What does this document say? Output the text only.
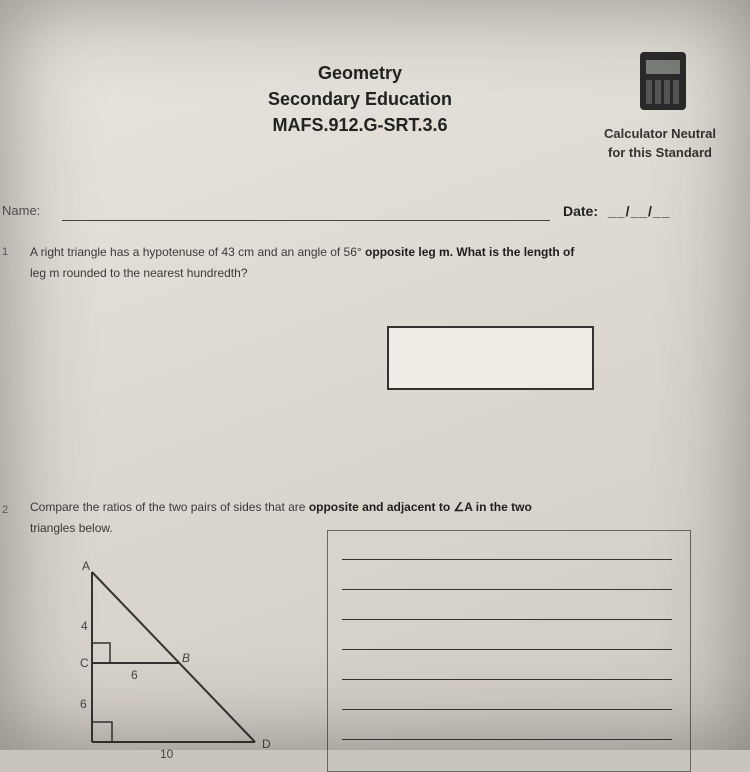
Geometry
Secondary Education
MAFS.912.G-SRT.3.6	Calculator Neutral
for this Standard
Name:	Date: __/__/__
1 A right triangle has a hypotenuse of 43 cm and an angle of 56° opposite leg m. What is the length of
leg m rounded to the nearest hundredth?
2 Compare the ratios of the two pairs of sides that are opposite and adjacent to ∠A in the two
triangles below.
A
C	B
D
4
6
6
10
